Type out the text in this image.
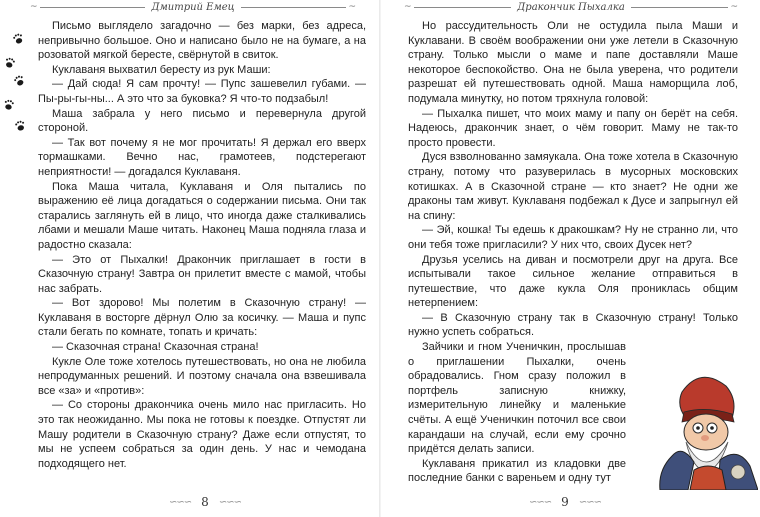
~	Дмитрий Емец	~

Письмо выглядело загадочно — без марки, без адреса, непривычно большое. Оно и написано было не на бумаге, а на розоватой мягкой бересте, свёрнутой в свиток.

Куклаваня выхватил бересту из рук Маши:

— Дай сюда! Я сам прочту! — Пупс зашевелил губами. — Пы-ры-гы-ны... А это что за буковка? Я что-то подзабыл!

Маша забрала у него письмо и перевернула другой стороной.

— Так вот почему я не мог прочитать! Я держал его вверх тормашками. Вечно нас, грамотеев, подстерегают неприятности! — догадался Куклаваня.

Пока Маша читала, Куклаваня и Оля пытались по выражению её лица догадаться о содержании письма. Они так старались заглянуть ей в лицо, что иногда даже сталкивались лбами и мешали Маше читать. Наконец Маша подняла глаза и радостно сказала:

— Это от Пыхалки! Дракончик приглашает в гости в Сказочную страну! Завтра он прилетит вместе с мамой, чтобы нас забрать.

— Вот здорово! Мы полетим в Сказочную страну! — Куклаваня в восторге дёрнул Олю за косичку. — Маша и пупс стали бегать по комнате, топать и кричать:

— Сказочная страна! Сказочная страна!

Кукле Оле тоже хотелось путешествовать, но она не любила непродуманных решений. И поэтому сначала она взвешивала все «за» и «против»:

— Со стороны дракончика очень мило нас пригласить. Но это так неожиданно. Мы пока не готовы к поездке. Отпустят ли Машу родители в Сказочную страну? Даже если отпустят, то мы не успеем собраться за один день. У нас и чемодана подходящего нет.

∽∽∽ 8	∽∽∽
~	Дракончик Пыхалка	~

Но рассудительность Оли не остудила пыла Маши и Куклавани. В своём воображении они уже летели в Сказочную страну. Только мысли о маме и папе доставляли Маше некоторое беспокойство. Она не была уверена, что родители разрешат ей путешествовать одной. Маша наморщила лоб, подумала минутку, но потом тряхнула головой:

— Пыхалка пишет, что моих маму и папу он берёт на себя. Надеюсь, дракончик знает, о чём говорит. Маму не так-то просто провести.

Дуся взволнованно замяукала. Она тоже хотела в Сказочную страну, потому что разуверилась в мусорных московских котишках. А в Сказочной стране — кто знает? Не одни же драконы там живут. Куклаваня подбежал к Дусе и запрыгнул ей на спину:

— Эй, кошка! Ты едешь к дракошкам? Ну не странно ли, что они тебя тоже пригласили? У них что, своих Дусек нет?

Друзья уселись на диван и посмотрели друг на друга. Все испытывали такое сильное желание отправиться в путешествие, что даже кукла Оля прониклась общим нетерпением:

— В Сказочную страну так в Сказочную страну! Только нужно успеть собраться.

Зайчики и гном Ученичкин, прослышав о приглашении Пыхалки, очень обрадовались. Гном сразу положил в портфель записную книжку, измерительную линейку и маленькие счёты. А ещё Ученичкин поточил все свои карандаши на случай, если ему срочно придётся делать записи.

Куклаваня прикатил из кладовки две последние банки с вареньем и одну тут

∽∽∽ 9	∽∽∽
